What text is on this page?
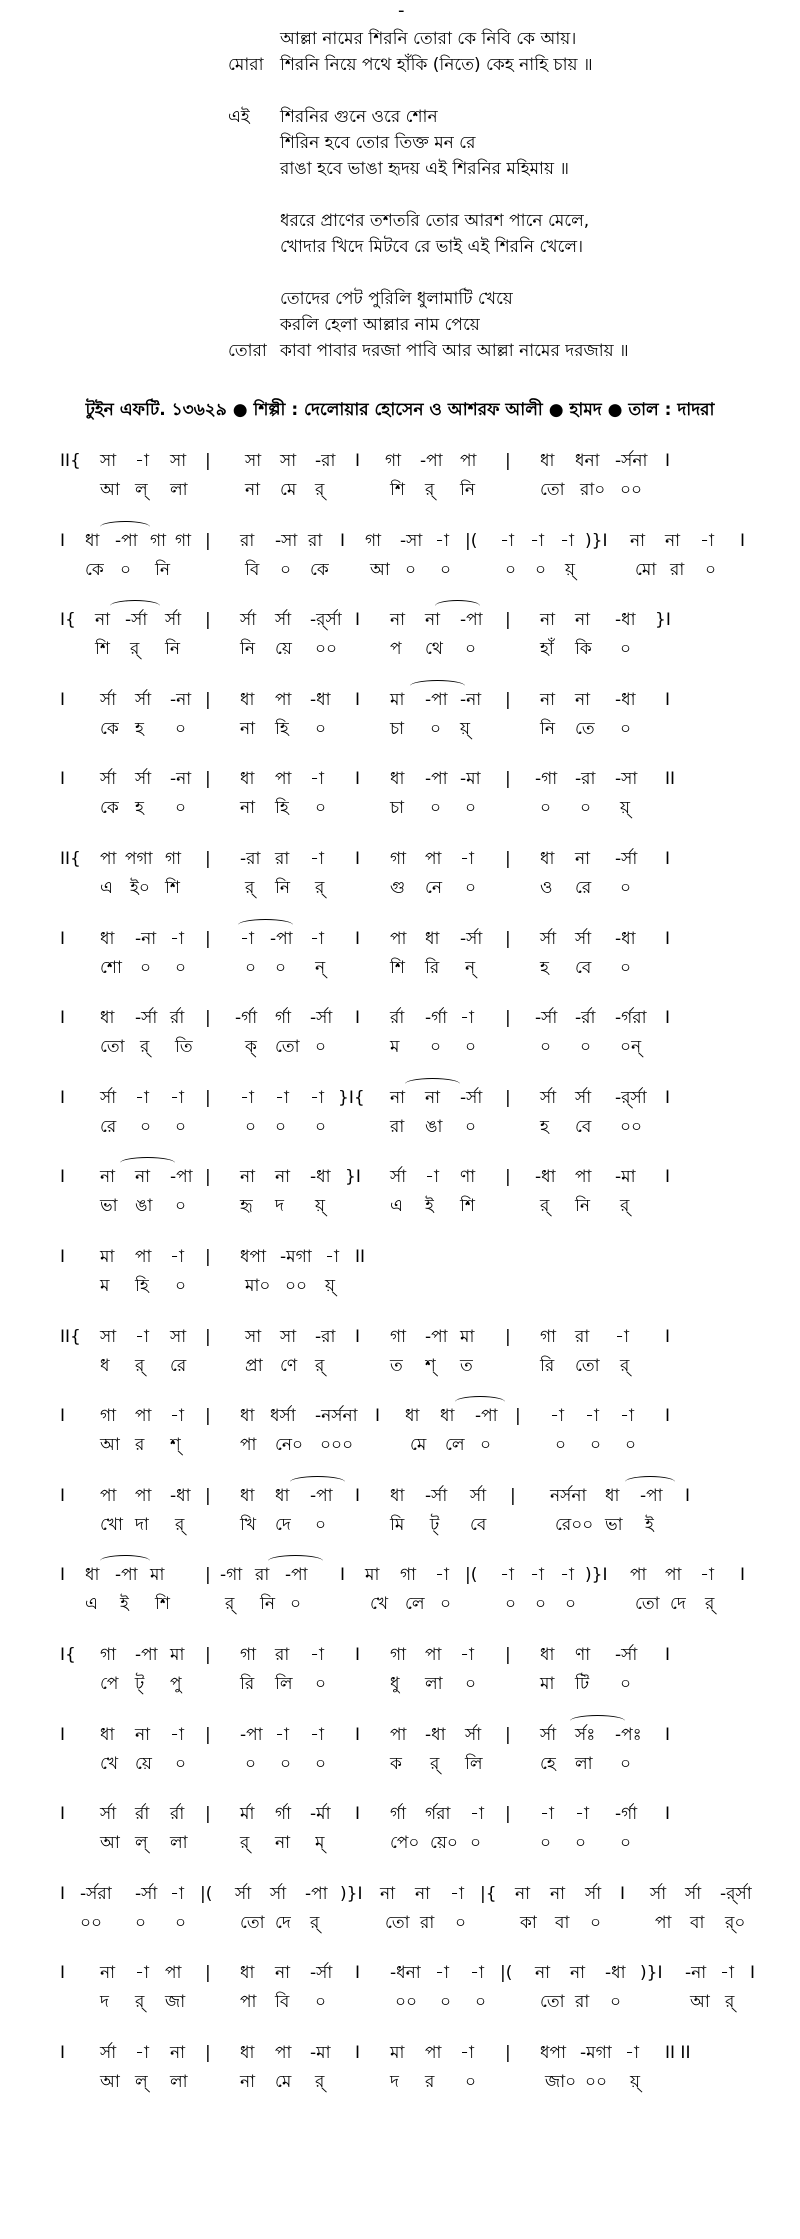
-
আল্লা নামের শিরনি তোরা কে নিবি কে আয়।
মোরা শিরনি নিয়ে পথে হাঁকি (নিতে) কেহ নাহি চায় ॥
এই	শিরনির গুনে ওরে শোন
শিরিন হবে তোর তিক্ত মন রে
রাঙা হবে ভাঙা হৃদয় এই শিরনির মহিমায় ॥
ধররে প্রাণের তশতরি তোর আরশ পানে মেলে,
খোদার খিদে মিটবে রে ভাই এই শিরনি খেলে।
তোদের পেট পুরিলি ধুলামাটি খেয়ে
করলি হেলা আল্লার নাম পেয়ে
তোরা কাবা পাবার দরজা পাবি আর আল্লা নামের দরজায় ॥
টুইন এফটি. ১৩৬২৯ ● শিল্পী : দেলোয়ার হোসেন ও আশরফ আলী ● হামদ ● তাল : দাদরা
II{ সা -া সা | সা সা -রা I গা -পা পা | ধা ধনা -র্সনা I
আ ল্ লা	না মে র্	শি র্ নি	তো রা০ ০০
I ধা -পা গা গা | রা -সা রা I গা -সা -া |( -া -া -া )}I না না -া I
কে ০ নি	বি ০ কে আ ০ ০	০ ০ য়্	মো রা ০
I{ না -র্সা র্সা | র্সা র্সা -র্র্সা I না না -পা | না না -ধা }I
শি র্ নি	নি য়ে ০০	প থে ০	হাঁ কি ০
I র্সা র্সা -না | ধা পা -ধা I মা -পা -না | না না -ধা I
কে হ ০	না হি ০	চা ০ য়্	নি তে ০
I র্সা র্সা -না | ধা পা -া I ধা -পা -মা | -গা -রা -সা II
কে হ ০	না হি ০	চা ০ ০	০ ০ য়্
II{ পা পগা গা | -রা রা -া I গা পা -া | ধা না -র্সা I
এ ই০ শি	র্ নি র্	গু নে ০	ও রে ০
I ধা -না -া | -া -পা -া I পা ধা -র্সা | র্সা র্সা -ধা I
শো ০ ০	০ ০ ন্	শি রি ন্	হ বে ০
I ধা -র্সা র্রা | -র্গা র্গা -র্সা I র্রা -র্গা -া | -র্সা -র্রা -র্গরা I
তো র্ তি	ক্ তো ০	ম ০ ০	০ ০ ০ন্
I র্সা -া -া | -া -া -া }I{ না না -র্সা | র্সা র্সা -র্র্সা I
রে ০ ০	০ ০ ০	রা ঙা ০	হ বে ০০
I না না -পা | না না -ধা }I র্সা -া ণা | -ধা পা -মা I
ভা ঙা ০	হৃ দ য়্	এ ই শি	র্ নি র্
I মা পা -া | ধপা -মগা -া II
ম হি ০	মা০ ০০ য়্
II{ সা -া সা | সা সা -রা I গা -পা মা | গা রা -া I
ধ র্ রে	প্রা ণে র্	ত শ্ ত	রি তো র্
I গা পা -া | ধা ধর্সা -নর্সনা I ধা ধা -পা | -া -া -া I
আ র শ্	পা নে০ ০০০	মে লে ০	০ ০ ০
I পা পা -ধা | ধা ধা -পা I ধা -র্সা র্সা | নর্সনা ধা -পা I
খো দা র্	খি দে ০	মি ট্ বে	রে০০ ভা ই
I ধা -পা মা | -গা রা -পা I মা গা -া |( -া -া -া )}I পা পা -া I
এ ই শি	র্ নি ০	খে লে ০	০ ০ ০	তো দে র্
I{ গা -পা মা | গা রা -া I গা পা -া | ধা ণা -র্সা I
পে ট্ পু	রি লি ০	ধু লা ০	মা টি ০
I ধা না -া | -পা -া -া I পা -ধা র্সা | র্সা র্সঃ -পঃ I
খে য়ে ০	০ ০ ০	ক র্ লি	হে লা ০
I র্সা র্রা র্রা | র্মা র্গা -র্মা I র্গা র্গরা -া | -া -া -র্গা I
আ ল্ লা	র্ না ম্	পে০ য়ে০ ০	০ ০ ০
I -র্সরা -র্সা -া |( র্সা র্সা -পা )}I না না -া |{ না না র্সা I র্সা র্সা -র্র্সা
০০ ০ ০	তো দে র্	তো রা ০	কা বা ০	পা বা র্০
I না -া পা | ধা না -র্সা I -ধনা -া -া |( না না -ধা )}I -না -া I
দ র্ জা	পা বি ০	০০ ০ ০	তো রা ০	আ র্
I র্সা -া না | ধা পা -মা I মা পা -া | ধপা -মগা -া II II
আ ল্ লা	না মে র্	দ র ০	জা০ ০০ য়্
